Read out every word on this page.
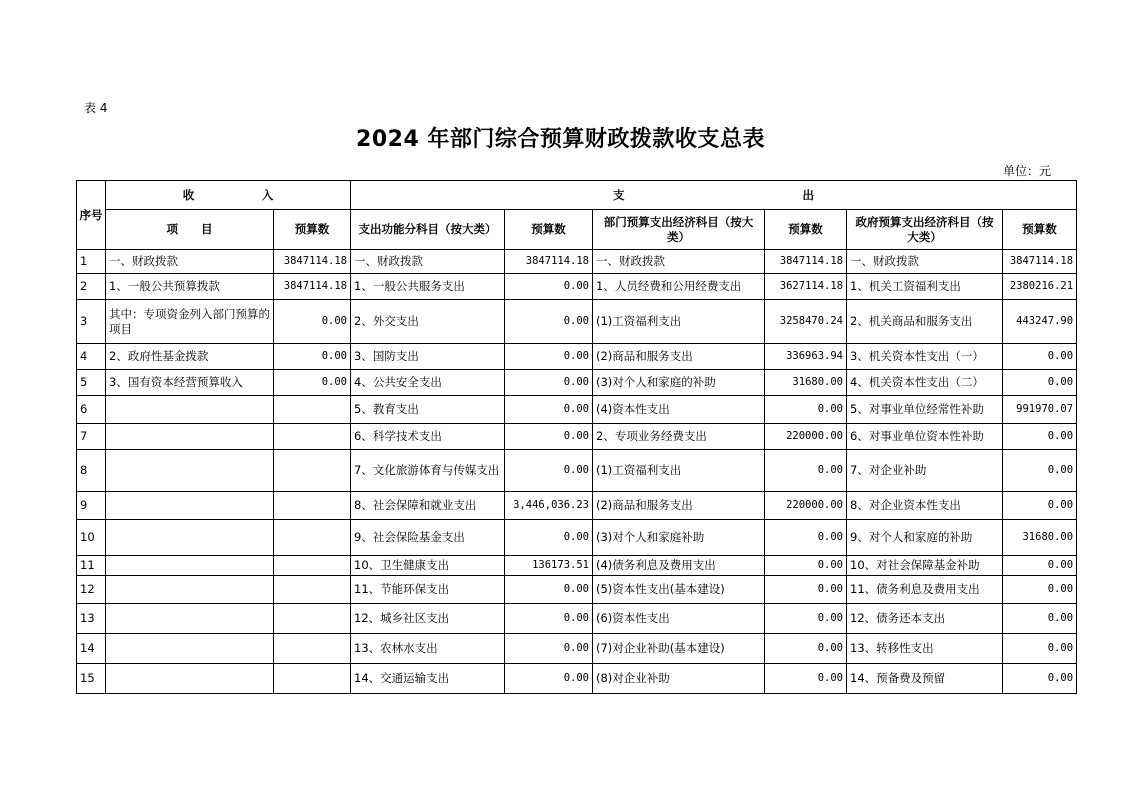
表 4
2024 年部门综合预算财政拨款收支总表
单位：元
序号	收 入		支 出					

	项　　目	预算数	支出功能分科目（按大类）	预算数	部门预算支出经济科目（按大类）	预算数	政府预算支出经济科目（按大类）	预算数
1	一、财政拨款	3847114.18	一、财政拨款	3847114.18	一、财政拨款	3847114.18	一、财政拨款	3847114.18
2	1、一般公共预算拨款	3847114.18	1、一般公共服务支出	0.00	1、人员经费和公用经费支出	3627114.18	1、机关工资福利支出	2380216.21
3	其中：专项资金列入部门预算的项目	0.00	2、外交支出	0.00	(1)工资福利支出	3258470.24	2、机关商品和服务支出	443247.90
4	2、政府性基金拨款	0.00	3、国防支出	0.00	(2)商品和服务支出	336963.94	3、机关资本性支出（一）	0.00
5	3、国有资本经营预算收入	0.00	4、公共安全支出	0.00	(3)对个人和家庭的补助	31680.00	4、机关资本性支出（二）	0.00
6			5、教育支出	0.00	(4)资本性支出	0.00	5、对事业单位经常性补助	991970.07
7			6、科学技术支出	0.00	2、专项业务经费支出	220000.00	6、对事业单位资本性补助	0.00
8			7、文化旅游体育与传媒支出	0.00	(1)工资福利支出	0.00	7、对企业补助	0.00
9			8、社会保障和就业支出	3,446,036.23	(2)商品和服务支出	220000.00	8、对企业资本性支出	0.00
10			9、社会保险基金支出	0.00	(3)对个人和家庭补助	0.00	9、对个人和家庭的补助	31680.00
11			10、卫生健康支出	136173.51	(4)债务利息及费用支出	0.00	10、对社会保障基金补助	0.00
12			11、节能环保支出	0.00	(5)资本性支出(基本建设)	0.00	11、债务利息及费用支出	0.00
13			12、城乡社区支出	0.00	(6)资本性支出	0.00	12、债务还本支出	0.00
14			13、农林水支出	0.00	(7)对企业补助(基本建设)	0.00	13、转移性支出	0.00
15			14、交通运输支出	0.00	(8)对企业补助	0.00	14、预备费及预留	0.00
